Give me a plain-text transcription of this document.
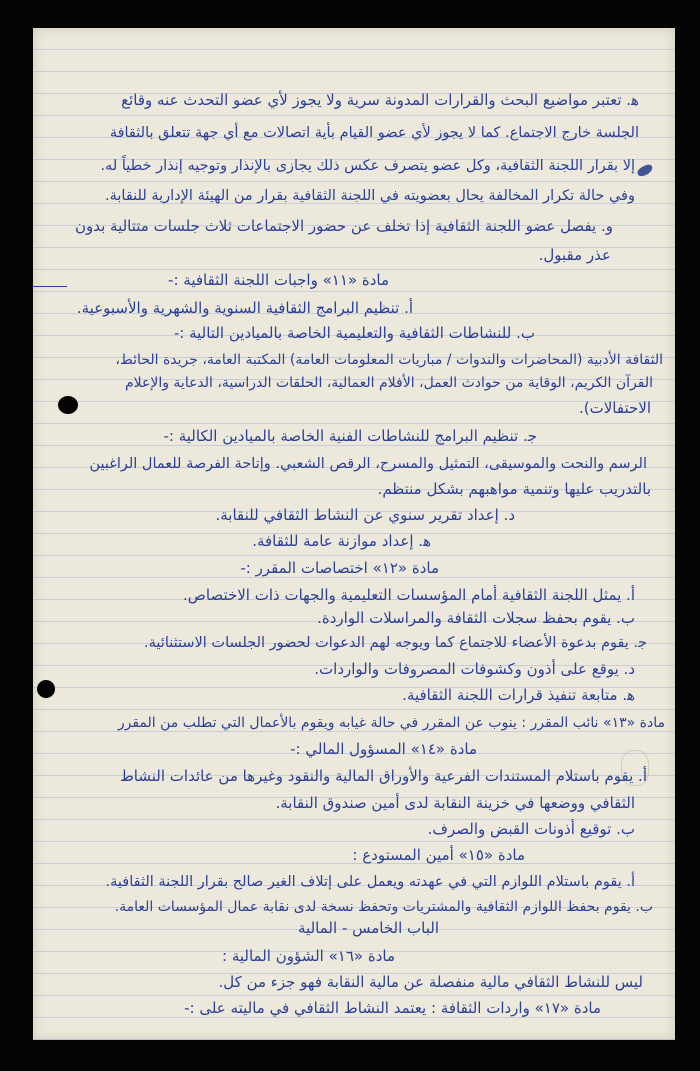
ﻫ. تعتبر مواضيع البحث والقرارات المدونة سرية ولا يجوز لأي عضو التحدث عنه وقائع
الجلسة خارج الاجتماع. كما لا يجوز لأي عضو القيام بأية اتصالات مع أي جهة تتعلق بالثقافة
إلا بقرار اللجنة الثقافية، وكل عضو يتصرف عكس ذلك يجازى بالإنذار وتوجيه إنذار خطياً له.
وفي حالة تكرار المخالفة يحال بعضويته في اللجنة الثقافية بقرار من الهيئة الإدارية للنقابة.
و. يفصل عضو اللجنة الثقافية إذا تخلف عن حضور الاجتماعات ثلاث جلسات متتالية بدون
عذر مقبول.
مادة «١١» واجبات اللجنة الثقافية :-
أ. تنظيم البرامج الثقافية السنوية والشهرية والأسبوعية.
ب. للنشاطات الثقافية والتعليمية الخاصة بالميادين التالية :-
الثقافة الأدبية (المحاضرات والندوات / مباريات المعلومات العامة) المكتبة العامة، جريدة الحائط،
القرآن الكريم، الوقاية من حوادث العمل، الأفلام العمالية، الحلقات الدراسية، الدعاية والإعلام
الاحتفالات).
ﺟ. تنظيم البرامج للنشاطات الفنية الخاصة بالميادين الكالية :-
الرسم والنحت والموسيقى، التمثيل والمسرح، الرقص الشعبي. وإتاحة الفرصة للعمال الراغبين
بالتدريب عليها وتنمية مواهبهم بشكل منتظم.
د. إعداد تقرير سنوي عن النشاط الثقافي للنقابة.
ﻫ. إعداد موازنة عامة للثقافة.
مادة «١٢» اختصاصات المقرر :-
أ. يمثل اللجنة الثقافية أمام المؤسسات التعليمية والجهات ذات الاختصاص.
ب. يقوم بحفظ سجلات الثقافة والمراسلات الواردة.
ﺟ. يقوم بدعوة الأعضاء للاجتماع كما ويوجه لهم الدعوات لحضور الجلسات الاستثنائية.
د. يوقع على أذون وكشوفات المصروفات والواردات.
ﻫ. متابعة تنفيذ قرارات اللجنة الثقافية.
مادة «١٣» نائب المقرر : ينوب عن المقرر في حالة غيابه ويقوم بالأعمال التي تطلب من المقرر
مادة «١٤» المسؤول المالي :-
أ. يقوم باستلام المستندات الفرعية والأوراق المالية والنقود وغيرها من عائدات النشاط
الثقافي ووضعها في خزينة النقابة لدى أمين صندوق النقابة.
ب. توقيع أذونات القبض والصرف.
مادة «١٥» أمين المستودع :
أ. يقوم باستلام اللوازم التي في عهدته ويعمل على إتلاف الغير صالح بقرار اللجنة الثقافية.
ب. يقوم بحفظ اللوازم الثقافية والمشتريات وتحفظ نسخة لدى نقابة عمال المؤسسات العامة.
الباب الخامس - المالية
مادة «١٦» الشؤون المالية :
ليس للنشاط الثقافي مالية منفصلة عن مالية النقابة فهو جزء من كل.
مادة «١٧» واردات الثقافة : يعتمد النشاط الثقافي في ماليته على :-
